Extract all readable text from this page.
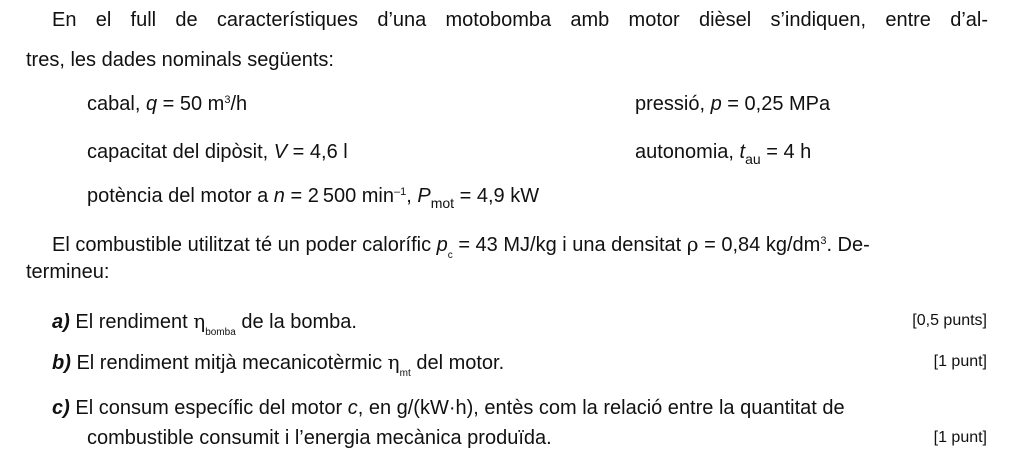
En el full de característiques d’una motobomba amb motor dièsel s’indiquen, entre d’al-
tres, les dades nominals següents:
cabal, q = 50 $m^3/h$	pressió, p = 0,25 MPa
capacitat del dipòsit, V = 4,6 l	autonomia, $t_{au} = 4$ h
potència del motor a n = 2 500 $\min^{-1}$, $P_{mot} = 4,9$ kW
El combustible utilitzat té un poder calorífic $p_c = 43$ MJ/kg i una densitat ρ = 0,84 $kg/dm^3$. De-
termineu:
a) El rendiment $\eta_{bomba}$ de la bomba.	[0,5 punts]
b) El rendiment mitjà mecanicotèrmic $\eta_{mt}$ del motor.	[1 punt]
c) El consum específic del motor c, en g/(kW·h), entès com la relació entre la quantitat de
combustible consumit i l’energia mecànica produïda.	[1 punt]
